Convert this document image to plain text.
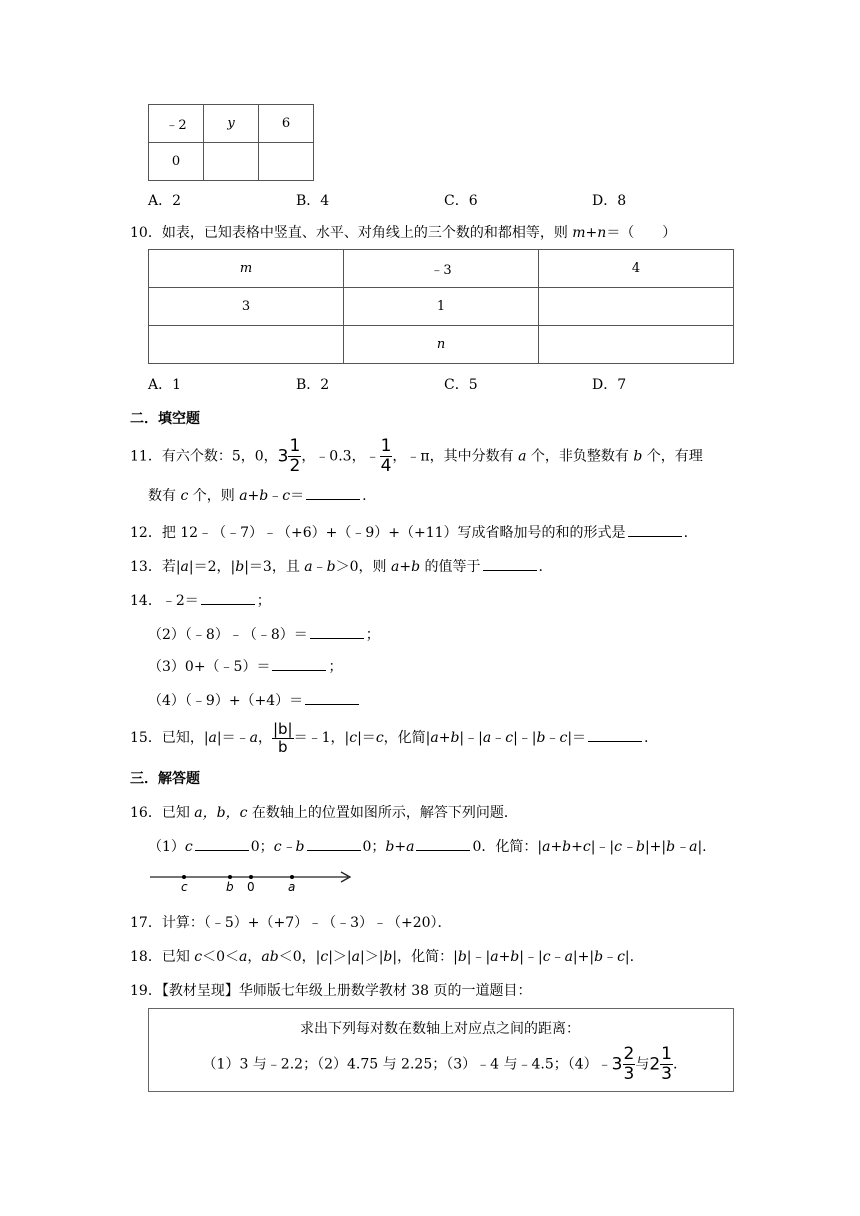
﹣2	y	6
0		
A．2	B．4	C．6	D．8
10．如表，已知表格中竖直、水平、对角线上的三个数的和都相等，则 m+n＝（　　）
m	﹣3	4
3	1	
	n	
A．1	B．2	C．5	D．7
二．填空题
11．有六个数：5，0，$3 \frac{1}{2}$ ，﹣0.3，﹣ $\frac{1}{4}$ ，﹣π，其中分数有 a 个，非负整数有 b 个，有理
数有 c 个，则 a+b﹣c＝	.
12．把 12﹣（﹣7）﹣（+6）+（﹣9）+（+11）写成省略加号的和的形式是	.
13．若|a|＝2，|b|＝3，且 a﹣b＞0，则 a+b 的值等于	.
14．﹣2＝	；
（2）（﹣8）﹣（﹣8）＝	；
（3）0+（﹣5）＝	；
（4）（﹣9）+（+4）＝
15．已知，|a|＝﹣a， $\frac{|b|}{b}$ ＝﹣1，|c|＝c，化简|a+b|﹣|a﹣c|﹣|b﹣c|＝	.
三．解答题
16．已知 a，b，c 在数轴上的位置如图所示，解答下列问题．
（1）c	0；c﹣b	0；b+a	0．化简：|a+b+c|﹣|c﹣b|+|b﹣a|.
c	b 0	a
17．计算：（﹣5）+（+7）﹣（﹣3）﹣（+20）．
18．已知 c＜0＜a，ab＜0，|c|＞|a|＞|b|，化简：|b|﹣|a+b|﹣|c﹣a|+|b﹣c|.
19．【教材呈现】华师版七年级上册数学教材 38 页的一道题目：
求出下列每对数在数轴上对应点之间的距离：
（1）3 与﹣2.2；（2）4.75 与 2.25；（3）﹣4 与﹣4.5；（4）﹣3 $\frac{2}{3}$ 与$2 \frac{1}{3}$ .
